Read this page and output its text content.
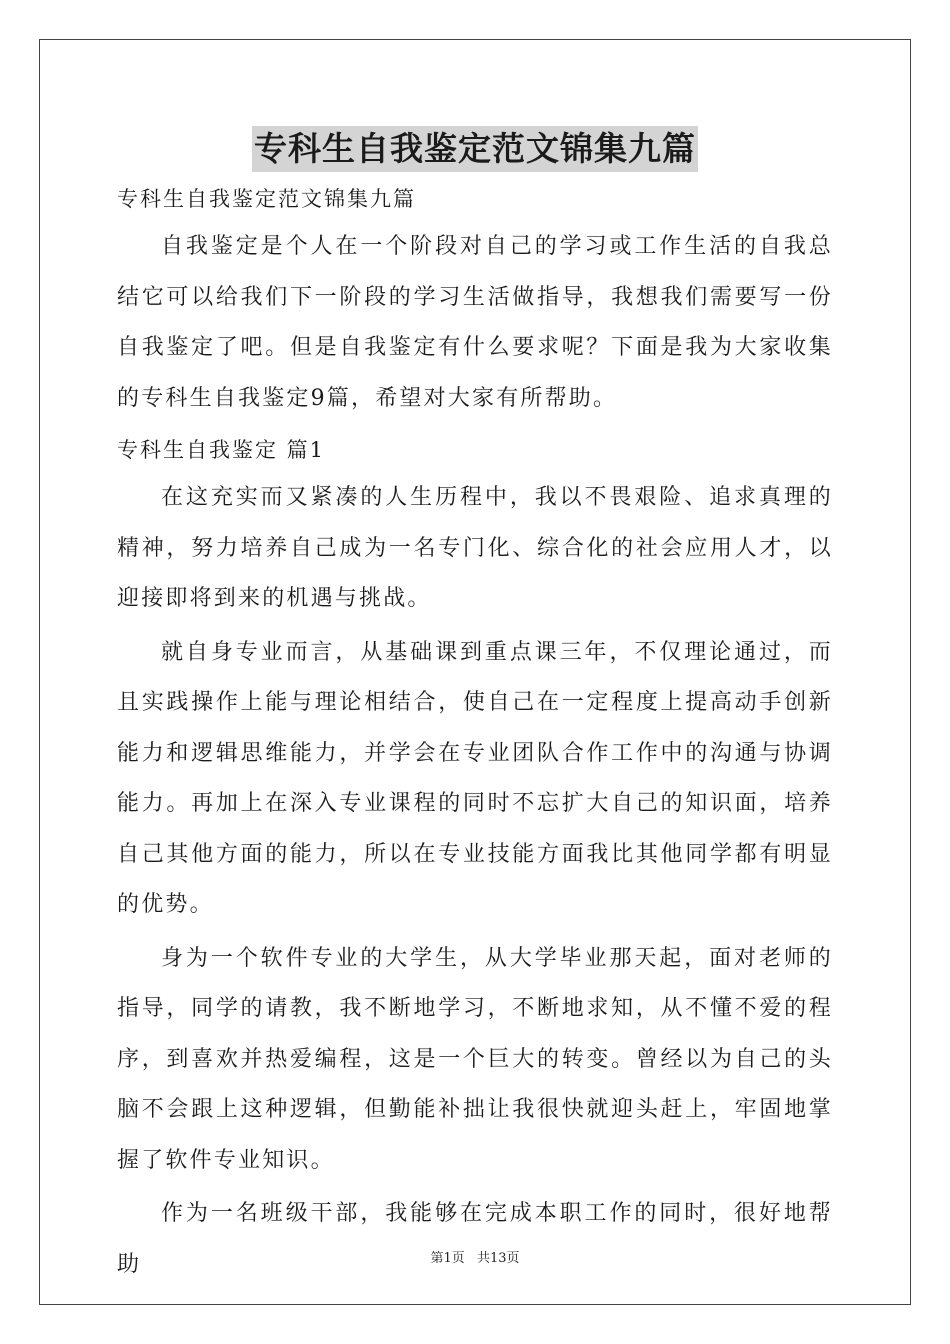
专科生自我鉴定范文锦集九篇

专科生自我鉴定范文锦集九篇

自我鉴定是个人在一个阶段对自己的学习或工作生活的自我总结它可以给我们下一阶段的学习生活做指导，我想我们需要写一份自我鉴定了吧。但是自我鉴定有什么要求呢？下面是我为大家收集的专科生自我鉴定9篇，希望对大家有所帮助。

专科生自我鉴定 篇1

在这充实而又紧凑的人生历程中，我以不畏艰险、追求真理的精神，努力培养自己成为一名专门化、综合化的社会应用人才，以迎接即将到来的机遇与挑战。

就自身专业而言，从基础课到重点课三年，不仅理论通过，而且实践操作上能与理论相结合，使自己在一定程度上提高动手创新能力和逻辑思维能力，并学会在专业团队合作工作中的沟通与协调能力。再加上在深入专业课程的同时不忘扩大自己的知识面，培养自己其他方面的能力，所以在专业技能方面我比其他同学都有明显的优势。

身为一个软件专业的大学生，从大学毕业那天起，面对老师的指导，同学的请教，我不断地学习，不断地求知，从不懂不爱的程序，到喜欢并热爱编程，这是一个巨大的转变。曾经以为自己的头脑不会跟上这种逻辑，但勤能补拙让我很快就迎头赶上，牢固地掌握了软件专业知识。

作为一名班级干部，我能够在完成本职工作的同时，很好地帮助	第1页 共13页
